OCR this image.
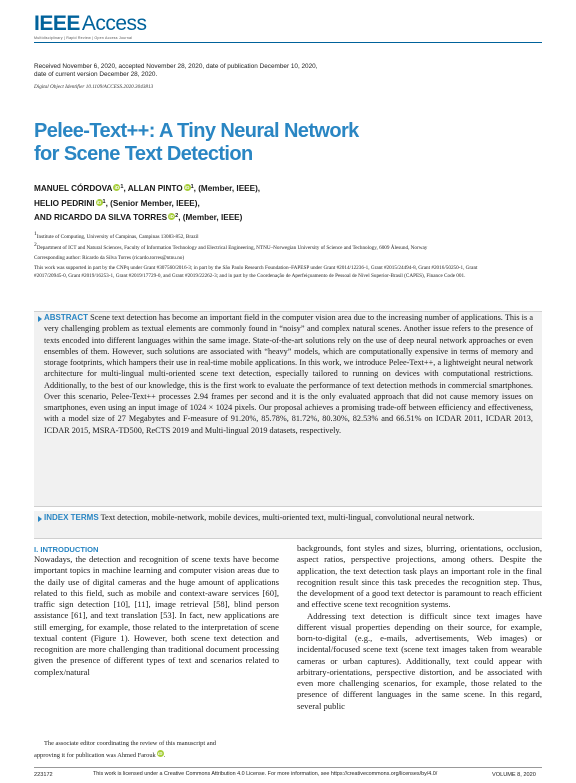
IEEE Access
Multidisciplinary | Rapid Review | Open Access Journal
Received November 6, 2020, accepted November 28, 2020, date of publication December 10, 2020,
date of current version December 28, 2020.
Digital Object Identifier 10.1109/ACCESS.2020.3043813
Pelee-Text++: A Tiny Neural Network
for Scene Text Detection
MANUEL CÓRDOVA $iD^1$, ALLAN PINTO $iD^1$, (Member, IEEE),
HELIO PEDRINI $iD^1$, (Senior Member, IEEE),
AND RICARDO DA SILVA TORRES $iD^2$, (Member, IEEE)
1Institute of Computing, University of Campinas, Campinas 13083-852, Brazil
2Department of ICT and Natural Sciences, Faculty of Information Technology and Electrical Engineering, NTNU–Norwegian University of Science and Technology, 6009 Ålesund, Norway
Corresponding author: Ricardo da Silva Torres (ricardo.torres@ntnu.no)
This work was supported in part by the CNPq under Grant #307560/2016-3; in part by the São Paulo Research Foundation–FAPESP under Grant #2014/12236-1, Grant #2015/24494-8, Grant #2016/50250-1, Grant #2017/20945-0, Grant #2019/16253-1, Grant #2019/17729-0, and Grant #2019/22262-3; and in part by the Coordenação de Aperfeiçoamento de Pessoal de Nível Superior-Brasil (CAPES), Finance Code 001.
ABSTRACT Scene text detection has become an important field in the computer vision area due to the increasing number of applications. This is a very challenging problem as textual elements are commonly found in “noisy” and complex natural scenes. Another issue refers to the presence of texts encoded into different languages within the same image. State-of-the-art solutions rely on the use of deep neural network approaches or even ensembles of them. However, such solutions are associated with “heavy” models, which are computationally expensive in terms of memory and storage footprints, which hampers their use in real-time mobile applications. In this work, we introduce Pelee-Text++, a lightweight neural network architecture for multi-lingual multi-oriented scene text detection, especially tailored to running on devices with computational restrictions. Additionally, to the best of our knowledge, this is the first work to evaluate the performance of text detection methods in commercial smartphones. Over this scenario, Pelee-Text++ processes 2.94 frames per second and it is the only evaluated approach that did not cause memory issues on smartphones, even using an input image of 1024 × 1024 pixels. Our proposal achieves a promising trade-off between efficiency and effectiveness, with a model size of 27 Megabytes and F-measure of 91.20%, 85.78%, 81.72%, 80.30%, 82.53% and 66.51% on ICDAR 2011, ICDAR 2013, ICDAR 2015, MSRA-TD500, ReCTS 2019 and Multi-lingual 2019 datasets, respectively.
INDEX TERMS Text detection, mobile-network, mobile devices, multi-oriented text, multi-lingual, convolutional neural network.
I. INTRODUCTION
Nowadays, the detection and recognition of scene texts have become important topics in machine learning and computer vision areas due to the daily use of digital cameras and the huge amount of applications related to this field, such as mobile and context-aware services [60], traffic sign detection [10], [11], image retrieval [58], blind person assistance [61], and text translation [53]. In fact, new applications are still emerging, for example, those related to the interpretation of scene textual content (Figure 1). However, both scene text detection and recognition are more challenging than traditional document processing given the presence of different types of text and scenarios related to complex/natural

backgrounds, font styles and sizes, blurring, orientations, occlusion, aspect ratios, perspective projections, among others. Despite the application, the text detection task plays an important role in the final recognition result since this task precedes the recognition step. Thus, the development of a good text detector is paramount to reach efficient and effective scene text recognition systems.

Addressing text detection is difficult since text images have different visual properties depending on their source, for example, born-to-digital (e.g., e-mails, advertisements, Web images) or incidental/focused scene text (scene text images taken from wearable cameras or urban captures). Additionally, text could appear with arbitrary-orientations, perspective distortion, and be associated with even more challenging scenarios, for example, those related to the presence of different languages in the same scene. In this regard, several public

The associate editor coordinating the review of this manuscript and
approving it for publication was Ahmed Farouk iD.
223172	This work is licensed under a Creative Commons Attribution 4.0 License. For more information, see https://creativecommons.org/licenses/by/4.0/	VOLUME 8, 2020
